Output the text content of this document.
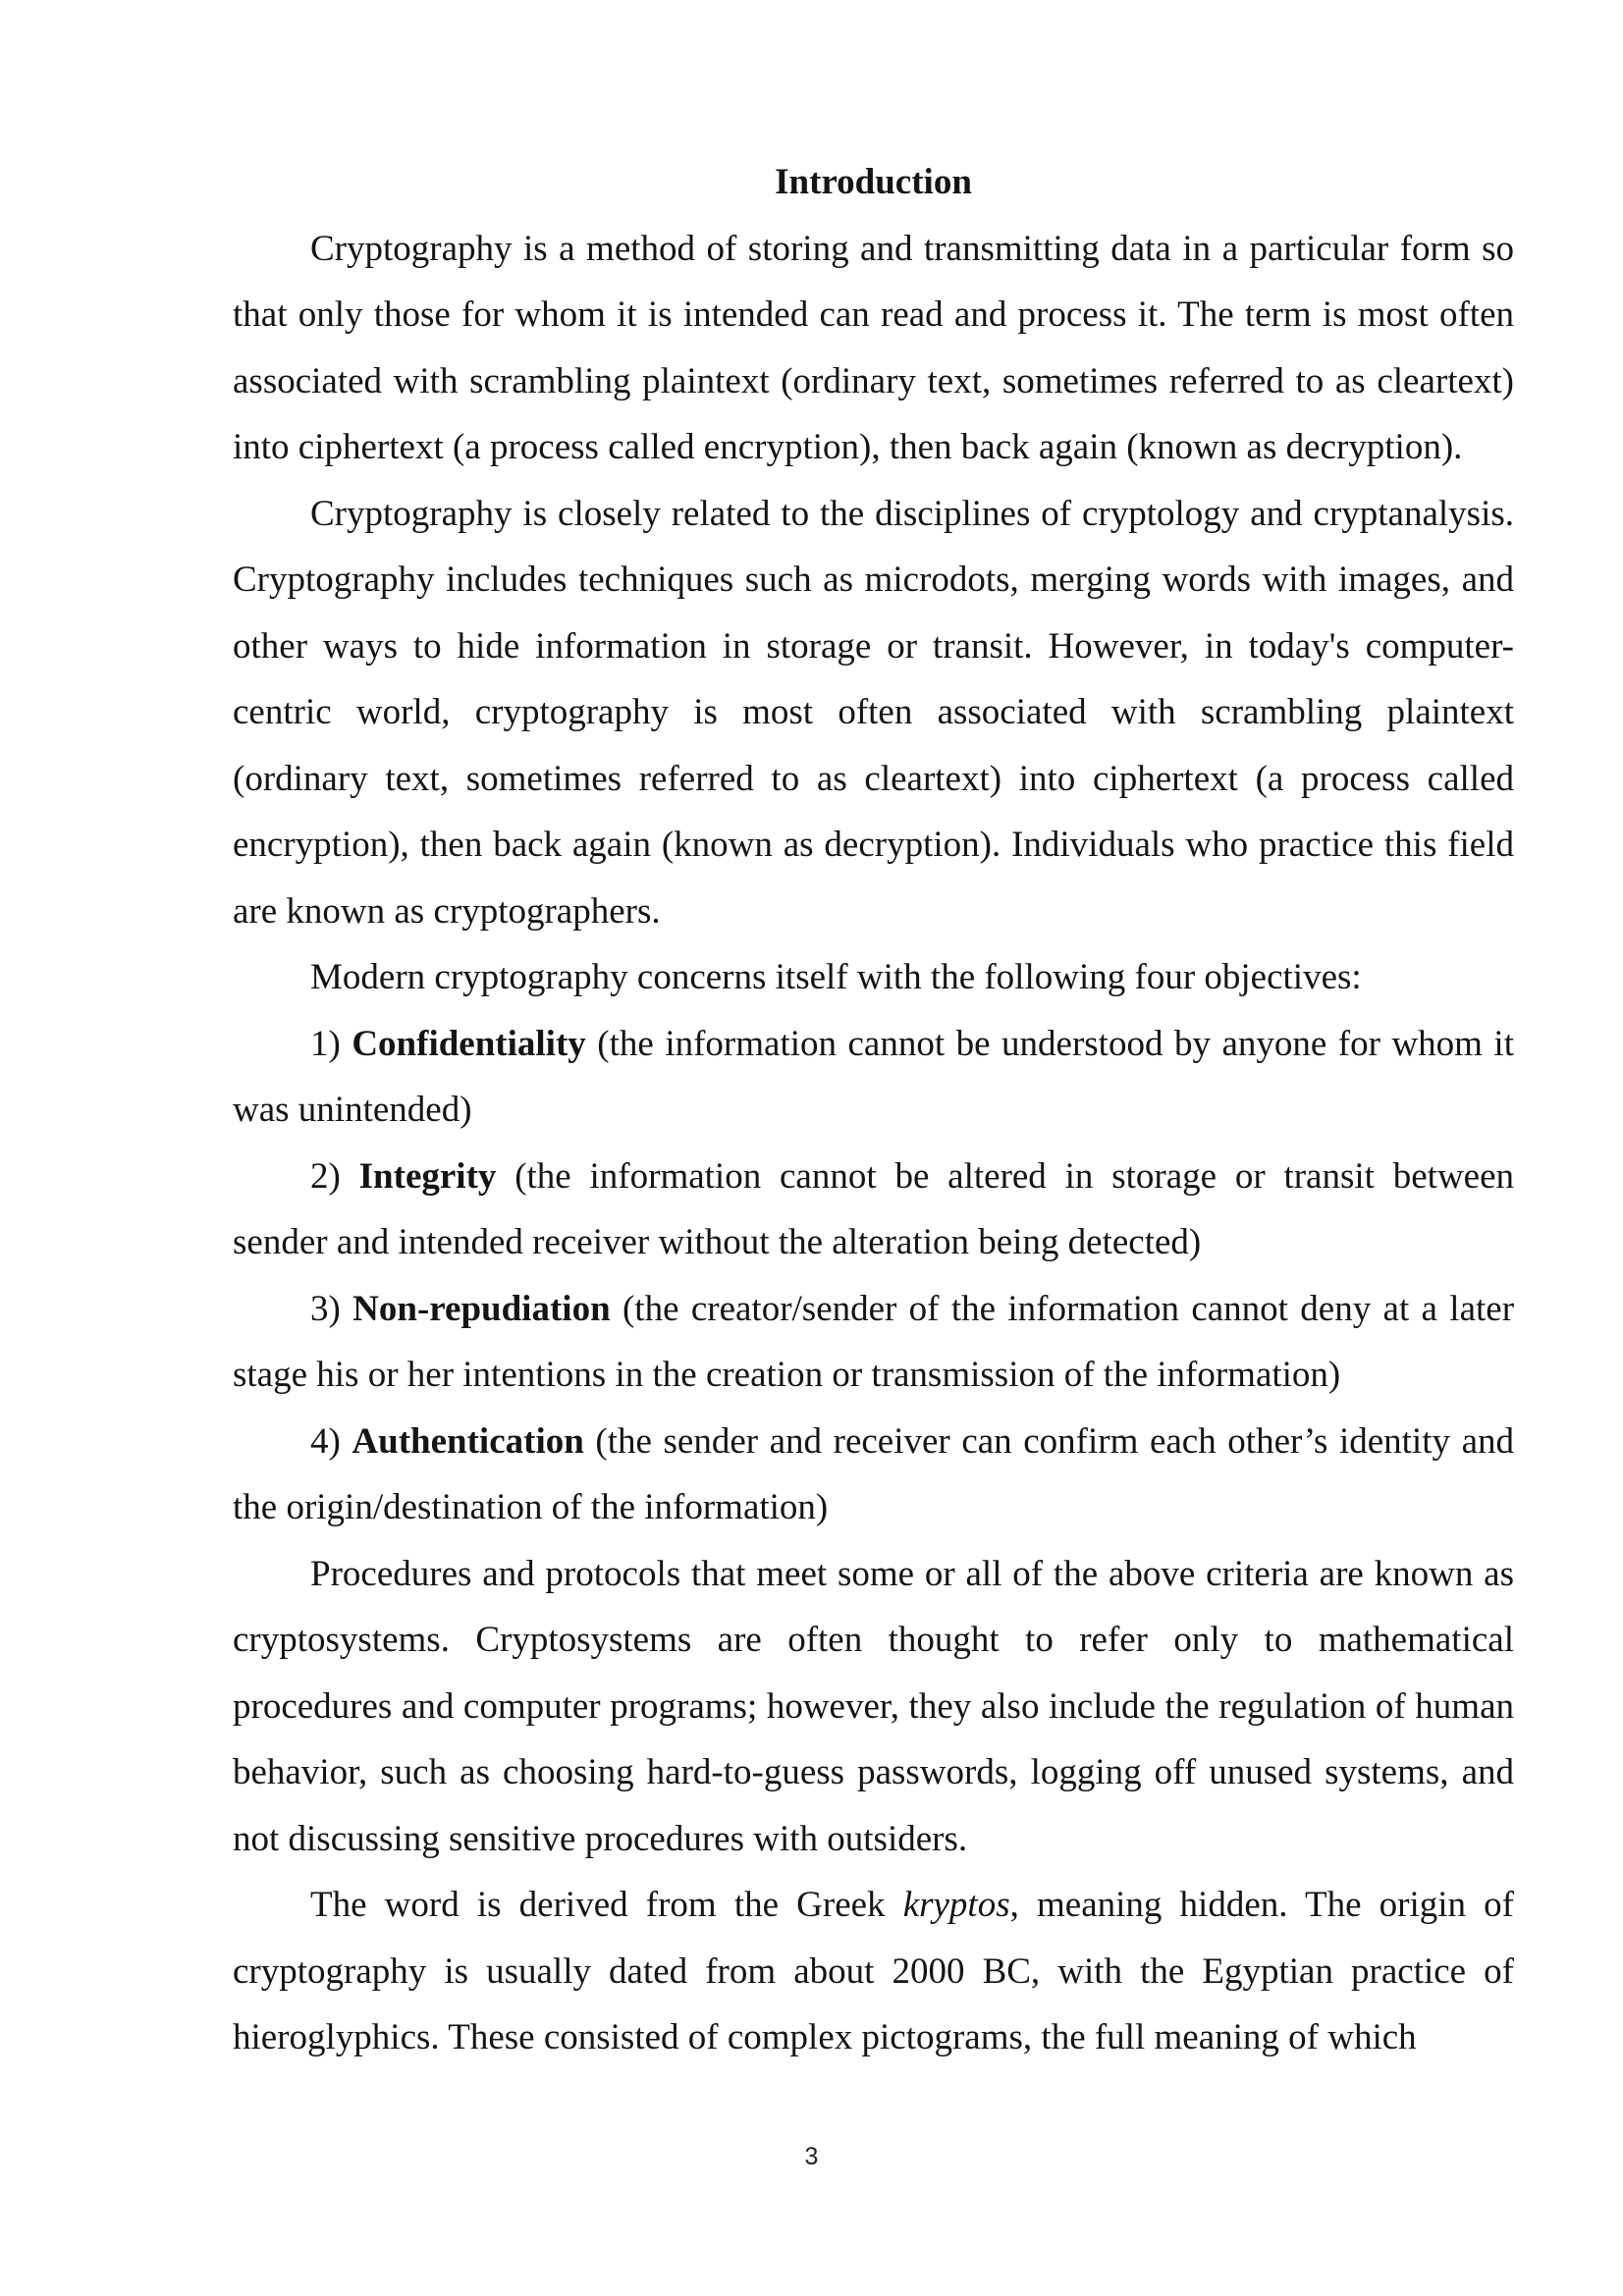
Introduction

Cryptography is a method of storing and transmitting data in a particular form so that only those for whom it is intended can read and process it. The term is most often associated with scrambling plaintext (ordinary text, sometimes referred to as cleartext) into ciphertext (a process called encryption), then back again (known as decryption).

Cryptography is closely related to the disciplines of cryptology and cryptanalysis. Cryptography includes techniques such as microdots, merging words with images, and other ways to hide information in storage or transit. However, in today's computer-centric world, cryptography is most often associated with scrambling plaintext (ordinary text, sometimes referred to as cleartext) into ciphertext (a process called encryption), then back again (known as decryption). Individuals who practice this field are known as cryptographers.

Modern cryptography concerns itself with the following four objectives:

1) Confidentiality (the information cannot be understood by anyone for whom it was unintended)

2) Integrity (the information cannot be altered in storage or transit between sender and intended receiver without the alteration being detected)

3) Non-repudiation (the creator/sender of the information cannot deny at a later stage his or her intentions in the creation or transmission of the information)

4) Authentication (the sender and receiver can confirm each other’s identity and the origin/destination of the information)

Procedures and protocols that meet some or all of the above criteria are known as cryptosystems. Cryptosystems are often thought to refer only to mathematical procedures and computer programs; however, they also include the regulation of human behavior, such as choosing hard-to-guess passwords, logging off unused systems, and not discussing sensitive procedures with outsiders.

The word is derived from the Greek kryptos, meaning hidden. The origin of cryptography is usually dated from about 2000 BC, with the Egyptian practice of hieroglyphics. These consisted of complex pictograms, the full meaning of which

3
